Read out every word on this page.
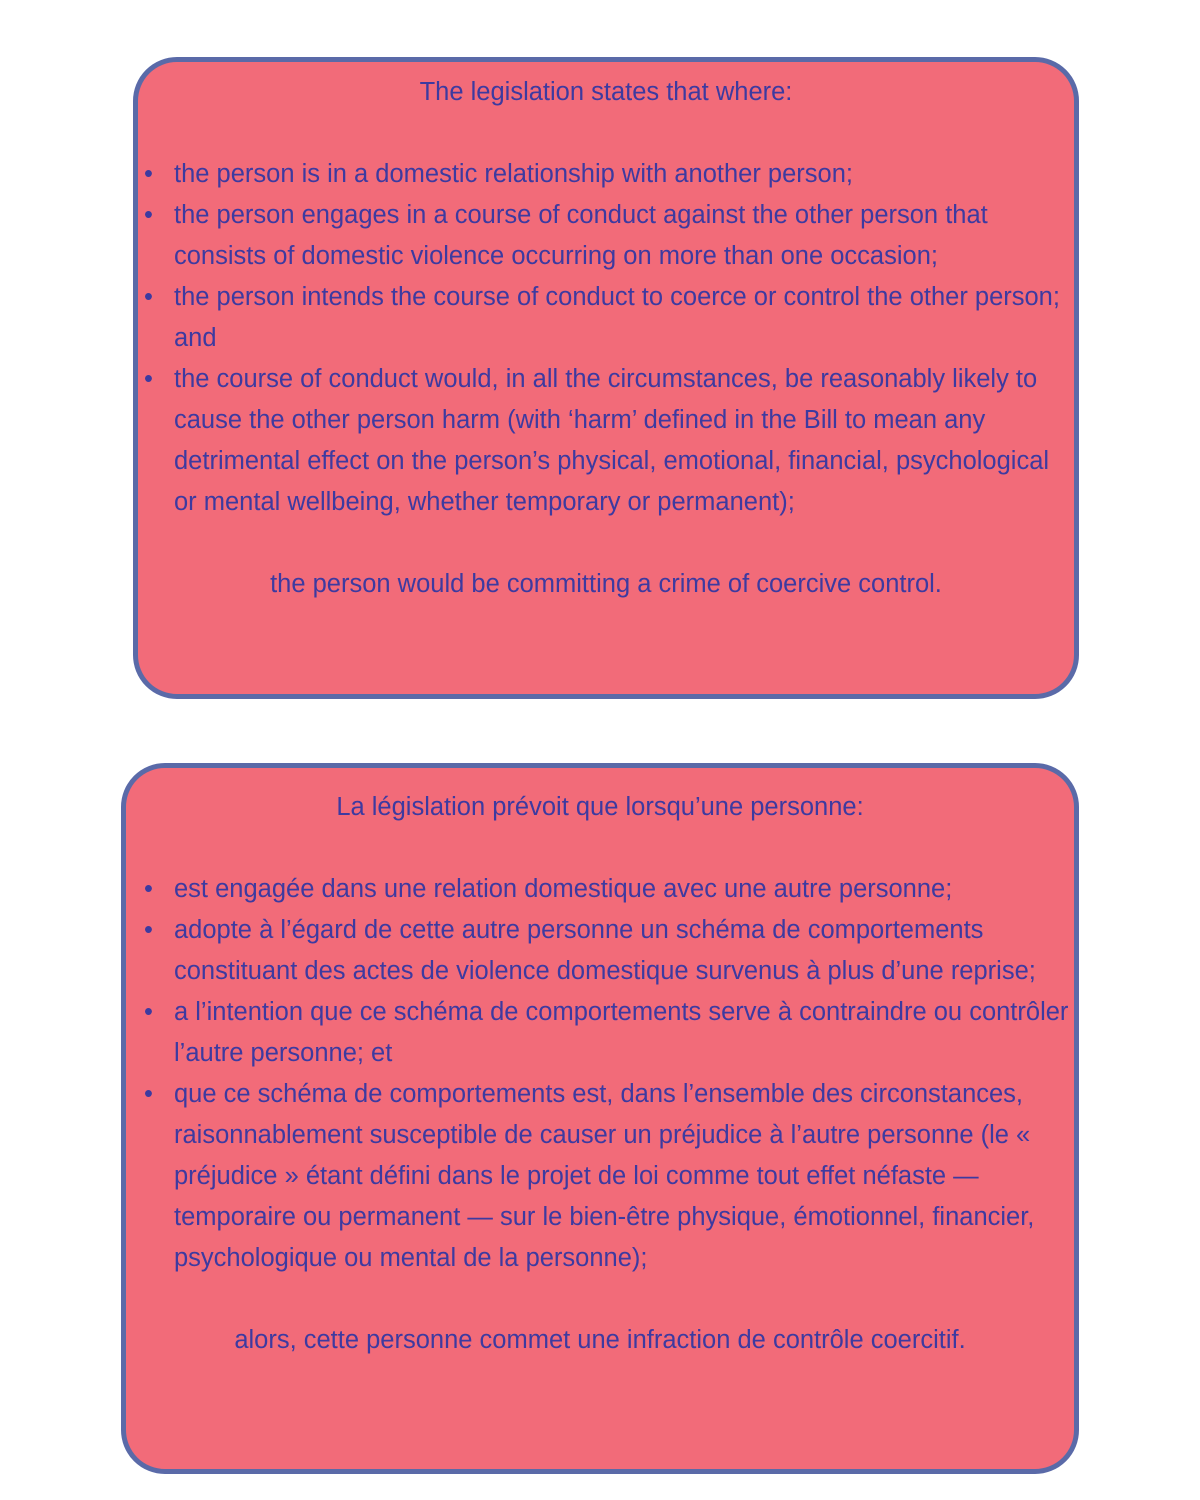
The legislation states that where:

• the person is in a domestic relationship with another person;
• the person engages in a course of conduct against the other person that consists of domestic violence occurring on more than one occasion;
• the person intends the course of conduct to coerce or control the other person; and
• the course of conduct would, in all the circumstances, be reasonably likely to cause the other person harm (with ‘harm’ defined in the Bill to mean any detrimental effect on the person’s physical, emotional, financial, psychological or mental wellbeing, whether temporary or permanent);

the person would be committing a crime of coercive control.

La législation prévoit que lorsqu’une personne:

• est engagée dans une relation domestique avec une autre personne;
• adopte à l’égard de cette autre personne un schéma de comportements constituant des actes de violence domestique survenus à plus d’une reprise;
• a l’intention que ce schéma de comportements serve à contraindre ou contrôler l’autre personne; et
• que ce schéma de comportements est, dans l’ensemble des circonstances, raisonnablement susceptible de causer un préjudice à l’autre personne (le « préjudice » étant défini dans le projet de loi comme tout effet néfaste — temporaire ou permanent — sur le bien-être physique, émotionnel, financier, psychologique ou mental de la personne);

alors, cette personne commet une infraction de contrôle coercitif.
